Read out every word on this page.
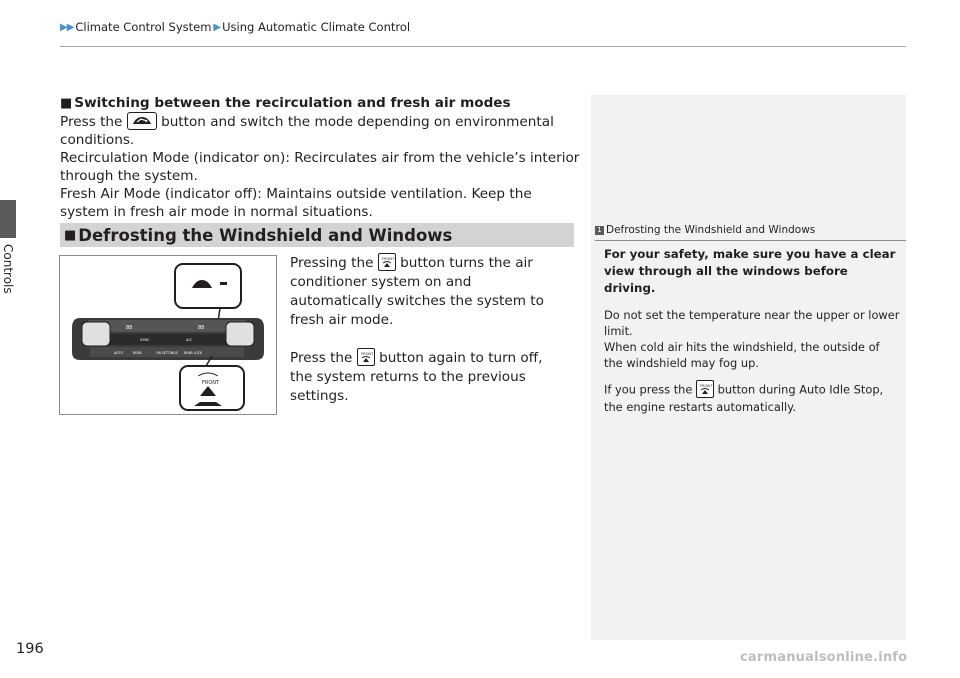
Controls
▶▶ Climate Control System ▶ Using Automatic Climate Control

■ Switching between the recirculation and fresh air modes

Press the	button and switch the mode depending on environmental conditions.

Recirculation Mode (indicator on): Recirculates air from the vehicle’s interior through the system.

Fresh Air Mode (indicator off): Maintains outside ventilation. Keep the system in fresh air mode in normal situations.

■ Defrosting the Windshield and Windows
88	88
SYNC	A/C
AUTO	REAR	ON SETTINGS REAR LOCK
FRONT

Pressing the FRONT button turns the air conditioner system on and automatically switches the system to fresh air mode.

Press the FRONT button again to turn off, the system returns to the previous settings.

1 Defrosting the Windshield and Windows

For your safety, make sure you have a clear view through all the windows before driving.

Do not set the temperature near the upper or lower limit.
When cold air hits the windshield, the outside of the windshield may fog up.

If you press the FRONT button during Auto Idle Stop, the engine restarts automatically.

196
carmanualsonline.info
